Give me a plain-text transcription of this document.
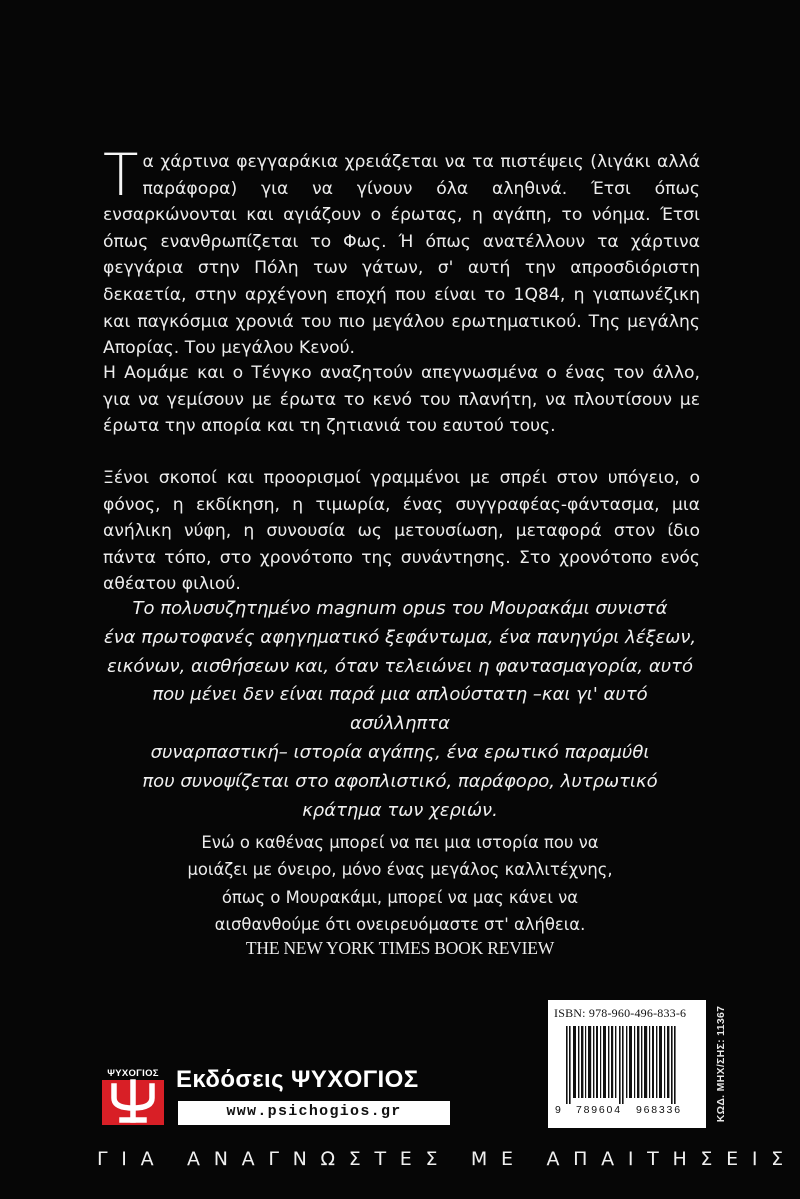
Τα χάρτινα φεγγαράκια χρειάζεται να τα πιστέψεις (λιγάκι αλλά παράφορα) για να γίνουν όλα αληθινά. Έτσι όπως ενσαρκώνονται και αγιάζουν ο έρωτας, η αγάπη, το νόημα. Έτσι όπως ενανθρωπίζεται το Φως. Ή όπως ανατέλλουν τα χάρτινα φεγγάρια στην Πόλη των γάτων, σ' αυτή την απροσδιόριστη δεκαετία, στην αρχέγονη εποχή που είναι το 1Q84, η γιαπωνέζικη και παγκόσμια χρονιά του πιο μεγάλου ερωτηματικού. Της μεγάλης Απορίας. Του μεγάλου Κενού.

Η Αομάμε και ο Τένγκο αναζητούν απεγνωσμένα ο ένας τον άλλο, για να γεμίσουν με έρωτα το κενό του πλανήτη, να πλουτίσουν με έρωτα την απορία και τη ζητιανιά του εαυτού τους.

Ξένοι σκοποί και προορισμοί γραμμένοι με σπρέι στον υπόγειο, ο φόνος, η εκδίκηση, η τιμωρία, ένας συγγραφέας-φάντασμα, μια ανήλικη νύφη, η συνουσία ως μετουσίωση, μεταφορά στον ίδιο πάντα τόπο, στο χρονότοπο της συνάντησης. Στο χρονότοπο ενός αθέατου φιλιού.

Το πολυσυζητημένο magnum opus του Μουρακάμι συνιστά
ένα πρωτοφανές αφηγηματικό ξεφάντωμα, ένα πανηγύρι λέξεων,
εικόνων, αισθήσεων και, όταν τελειώνει η φαντασμαγορία, αυτό
που μένει δεν είναι παρά μια απλούστατη –και γι' αυτό ασύλληπτα
συναρπαστική– ιστορία αγάπης, ένα ερωτικό παραμύθι
που συνοψίζεται στο αφοπλιστικό, παράφορο, λυτρωτικό
κράτημα των χεριών.

Ενώ ο καθένας μπορεί να πει μια ιστορία που να
μοιάζει με όνειρο, μόνο ένας μεγάλος καλλιτέχνης,
όπως ο Μουρακάμι, μπορεί να μας κάνει να
αισθανθούμε ότι ονειρευόμαστε στ' αλήθεια.

THE NEW YORK TIMES BOOK REVIEW
ISBN: 978-960-496-833-6
9 789604 968336	ΚΩΔ. ΜΗΧ/ΣΗΣ: 11367
ΨΥΧΟΓΙΟΣ Εκδόσεις ΨΥΧΟΓΙΟΣ
www.psichogios.gr
ΓΙΑ ΑΝΑΓΝΩΣΤΕΣ ΜΕ ΑΠΑΙΤΗΣΕΙΣ
